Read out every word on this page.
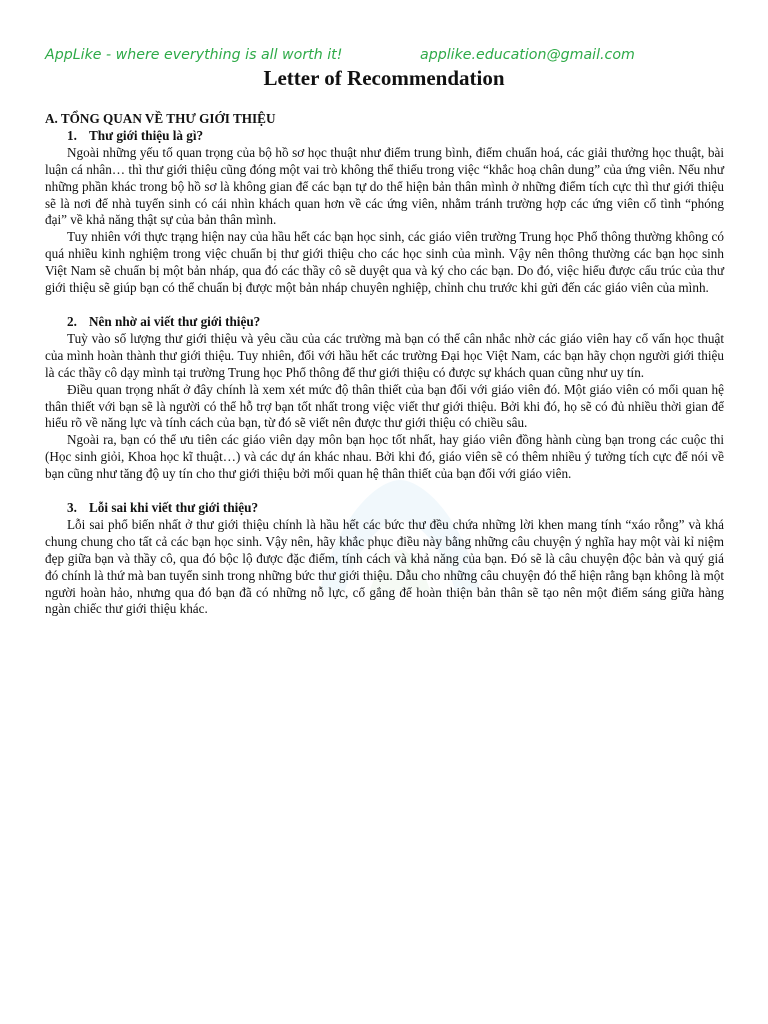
AppLike - where everything is all worth it!	applike.education@gmail.com
Letter of Recommendation

A. TỔNG QUAN VỀ THƯ GIỚI THIỆU

1. Thư giới thiệu là gì?

Ngoài những yếu tố quan trọng của bộ hồ sơ học thuật như điểm trung bình, điểm chuẩn hoá, các giải thưởng học thuật, bài luận cá nhân… thì thư giới thiệu cũng đóng một vai trò không thể thiếu trong việc “khắc hoạ chân dung” của ứng viên. Nếu như những phần khác trong bộ hồ sơ là không gian để các bạn tự do thể hiện bản thân mình ở những điểm tích cực thì thư giới thiệu sẽ là nơi để nhà tuyển sinh có cái nhìn khách quan hơn về các ứng viên, nhằm tránh trường hợp các ứng viên cố tình “phóng đại” về khả năng thật sự của bản thân mình.

Tuy nhiên với thực trạng hiện nay của hầu hết các bạn học sinh, các giáo viên trường Trung học Phổ thông thường không có quá nhiều kinh nghiệm trong việc chuẩn bị thư giới thiệu cho các học sinh của mình. Vậy nên thông thường các bạn học sinh Việt Nam sẽ chuẩn bị một bản nháp, qua đó các thầy cô sẽ duyệt qua và ký cho các bạn. Do đó, việc hiểu được cấu trúc của thư giới thiệu sẽ giúp bạn có thể chuẩn bị được một bản nháp chuyên nghiệp, chỉnh chu trước khi gửi đến các giáo viên của mình.

2. Nên nhờ ai viết thư giới thiệu?

Tuỳ vào số lượng thư giới thiệu và yêu cầu của các trường mà bạn có thể cân nhắc nhờ các giáo viên hay cố vấn học thuật của mình hoàn thành thư giới thiệu. Tuy nhiên, đối với hầu hết các trường Đại học Việt Nam, các bạn hãy chọn người giới thiệu là các thầy cô dạy mình tại trường Trung học Phổ thông để thư giới thiệu có được sự khách quan cũng như uy tín.

Điều quan trọng nhất ở đây chính là xem xét mức độ thân thiết của bạn đối với giáo viên đó. Một giáo viên có mối quan hệ thân thiết với bạn sẽ là người có thể hỗ trợ bạn tốt nhất trong việc viết thư giới thiệu. Bởi khi đó, họ sẽ có đủ nhiều thời gian để hiểu rõ về năng lực và tính cách của bạn, từ đó sẽ viết nên được thư giới thiệu có chiều sâu.

Ngoài ra, bạn có thể ưu tiên các giáo viên dạy môn bạn học tốt nhất, hay giáo viên đồng hành cùng bạn trong các cuộc thi (Học sinh giỏi, Khoa học kĩ thuật…) và các dự án khác nhau. Bởi khi đó, giáo viên sẽ có thêm nhiều ý tưởng tích cực để nói về bạn cũng như tăng độ uy tín cho thư giới thiệu bởi mối quan hệ thân thiết của bạn đối với giáo viên.

3. Lỗi sai khi viết thư giới thiệu?

Lỗi sai phổ biến nhất ở thư giới thiệu chính là hầu hết các bức thư đều chứa những lời khen mang tính “xáo rỗng” và khá chung chung cho tất cả các bạn học sinh. Vậy nên, hãy khắc phục điều này bằng những câu chuyện ý nghĩa hay một vài kỉ niệm đẹp giữa bạn và thầy cô, qua đó bộc lộ được đặc điểm, tính cách và khả năng của bạn. Đó sẽ là câu chuyện độc bản và quý giá đó chính là thứ mà ban tuyển sinh trong những bức thư giới thiệu. Dẫu cho những câu chuyện đó thể hiện rằng bạn không là một người hoàn hảo, nhưng qua đó bạn đã có những nỗ lực, cố gắng để hoàn thiện bản thân sẽ tạo nên một điểm sáng giữa hàng ngàn chiếc thư giới thiệu khác.
